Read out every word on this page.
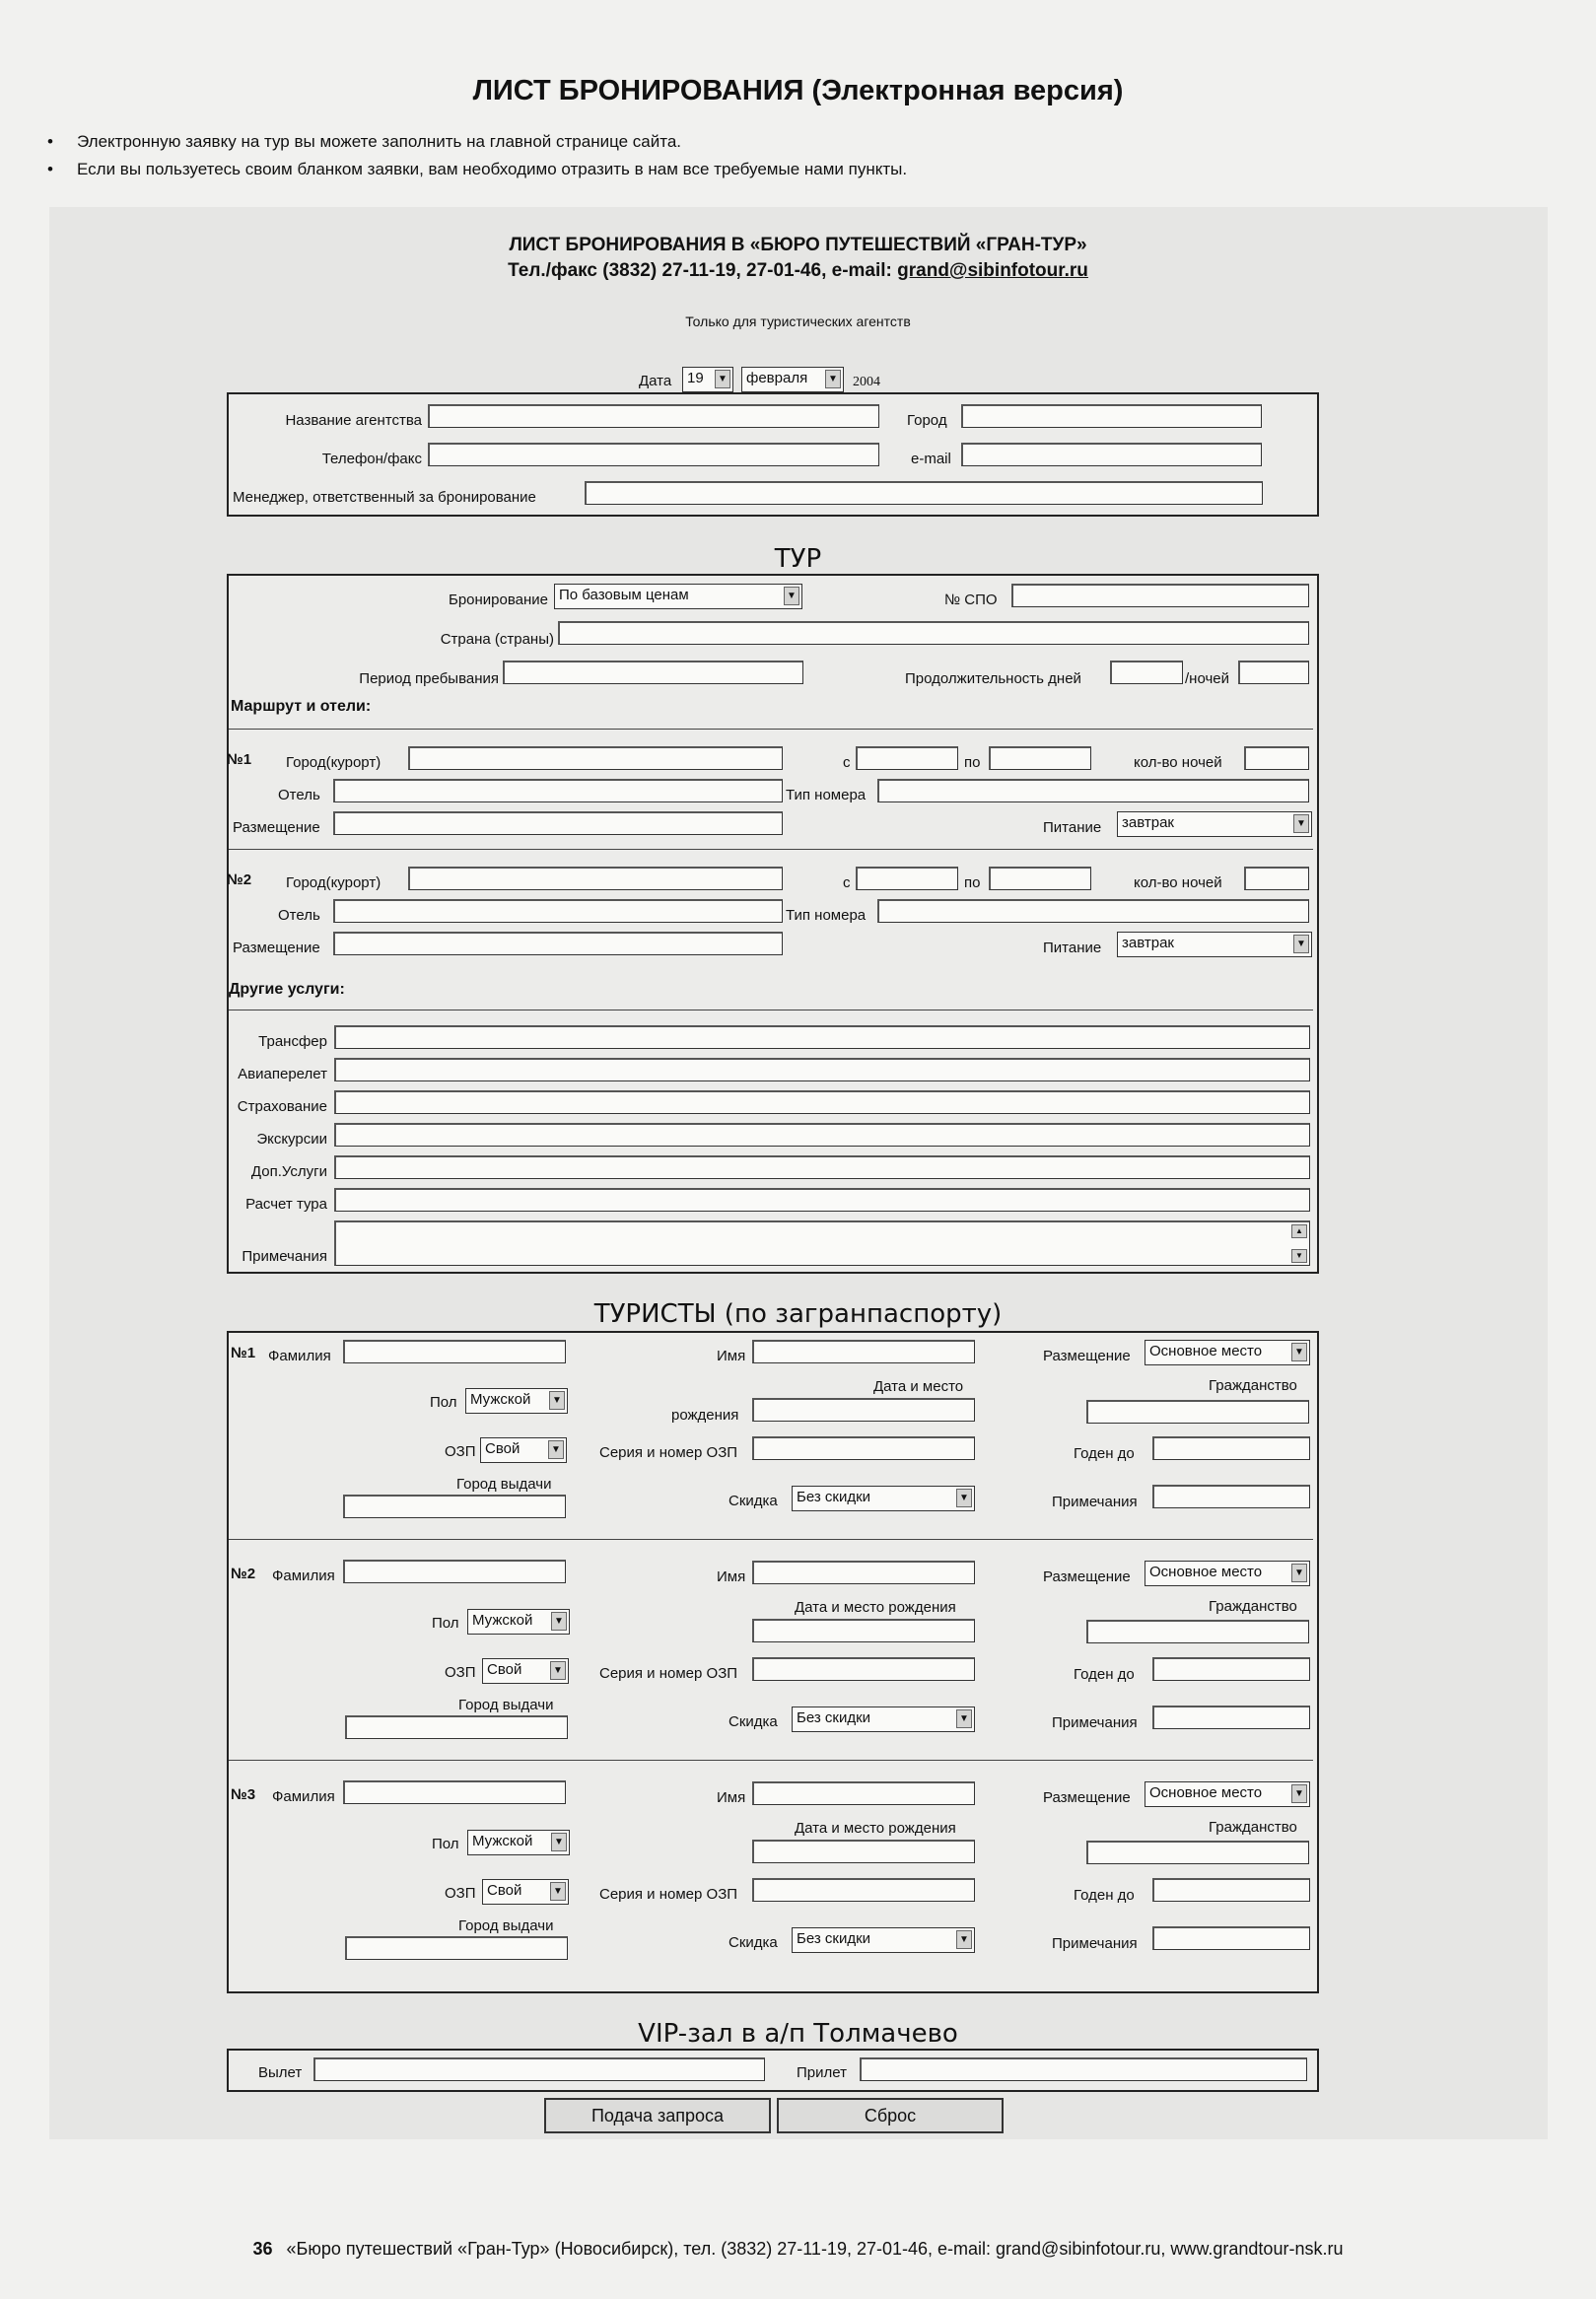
ЛИСТ БРОНИРОВАНИЯ (Электронная версия)
• Электронную заявку на тур вы можете заполнить на главной странице сайта.
• Если вы пользуетесь своим бланком заявки, вам необходимо отразить в нам все требуемые нами пункты.
ЛИСТ БРОНИРОВАНИЯ В «БЮРО ПУТЕШЕСТВИЙ «ГРАН-ТУР»
Тел./факс (3832) 27-11-19, 27-01-46, e-mail: grand@sibinfotour.ru
Только для туристических агентств
Дата	19	▼	февраля	▼ 2004
Название агентства	Город
Телефон/факс	e-mail
Менеджер, ответственный за бронирование
ТУР
Бронирование По базовым ценам	▼	№ СПО
Страна (страны)
Период пребывания	Продолжительность дней	/ночей
Маршрут и отели:
№1 Город(курорт)	с	по	кол-во ночей
Отель	Тип номера
Размещение	Питание	завтрак	▼
№2 Город(курорт)	с	по	кол-во ночей
Отель	Тип номера
Размещение	Питание	завтрак	▼
Другие услуги:
Трансфер
Авиаперелет
Страхование
Экскурсии
Доп.Услуги
Расчет тура
Примечания
▲
▼
ТУРИСТЫ (по загранпаспорту)
№1 Фамилия	Имя	Размещение	Основное место	▼
Пол Мужской	▼
Дата и место
рождения
Гражданство
ОЗП Свой	▼	Серия и номер ОЗП	Годен до
Город выдачи
Скидка	Без скидки	▼	Примечания
№2 Фамилия	Имя	Размещение	Основное место	▼
Пол Мужской	▼
Дата и место рождения	Гражданство
ОЗП Свой	▼ Серия и номер ОЗП	Годен до
Город выдачи
Скидка	Без скидки	▼	Примечания
№3 Фамилия	Имя	Размещение	Основное место	▼
Пол Мужской	▼
Дата и место рождения	Гражданство
ОЗП Свой	▼ Серия и номер ОЗП	Годен до
Город выдачи
Скидка	Без скидки	▼	Примечания
VIP-зал в а/п Толмачево
Вылет	Прилет
Подача запроса	Сброс
36 «Бюро путешествий «Гран-Тур» (Новосибирск), тел. (3832) 27-11-19, 27-01-46, e-mail: grand@sibinfotour.ru, www.grandtour-nsk.ru
